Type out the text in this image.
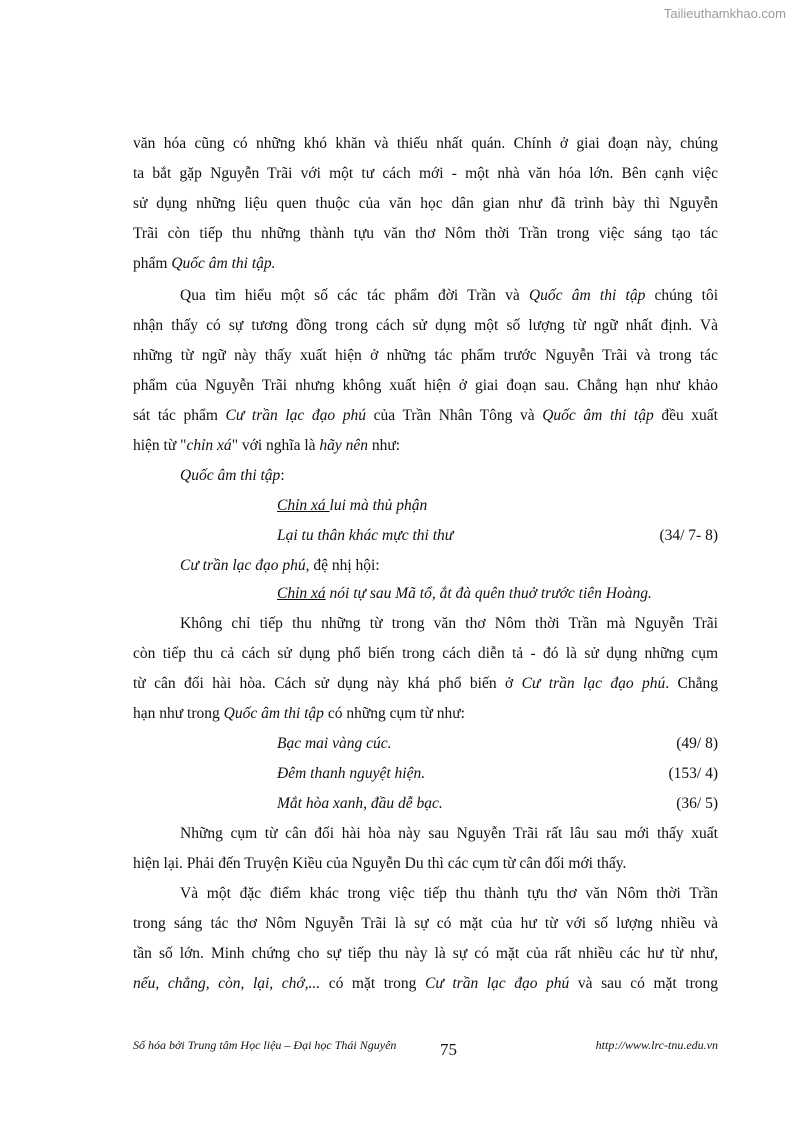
Tailieuthamkhao.com
văn hóa cũng có những khó khăn và thiếu nhất quán. Chính ở giai đoạn này, chúng
ta bắt gặp Nguyễn Trãi với một tư cách mới - một nhà văn hóa lớn. Bên cạnh việc
sử dụng những liệu quen thuộc của văn học dân gian như đã trình bày thì Nguyễn
Trãi còn tiếp thu những thành tựu văn thơ Nôm thời Trần trong việc sáng tạo tác
phẩm Quốc âm thi tập.
Qua tìm hiểu một số các tác phẩm đời Trần và Quốc âm thi tập chúng tôi
nhận thấy có sự tương đồng trong cách sử dụng một số lượng từ ngữ nhất định. Và
những từ ngữ này thấy xuất hiện ở những tác phẩm trước Nguyễn Trãi và trong tác
phẩm của Nguyễn Trãi nhưng không xuất hiện ở giai đoạn sau. Chẳng hạn như khảo
sát tác phẩm Cư trần lạc đạo phú của Trần Nhân Tông và Quốc âm thi tập đều xuất
hiện từ "chỉn xá" với nghĩa là hãy nên như:
Quốc âm thi tập:
Chỉn xá lui mà thủ phận
Lại tu thân khác mực thi thư	(34/ 7- 8)
Cư trần lạc đạo phú, đệ nhị hội:
Chỉn xá nói tự sau Mã tổ, ắt đà quên thuở trước tiên Hoàng.
Không chỉ tiếp thu những từ trong văn thơ Nôm thời Trần mà Nguyễn Trãi
còn tiếp thu cả cách sử dụng phổ biến trong cách diễn tả - đó là sử dụng những cụm
từ cân đối hài hòa. Cách sử dụng này khá phổ biến ở Cư trần lạc đạo phú. Chẳng
hạn như trong Quốc âm thi tập có những cụm từ như:
Bạc mai vàng cúc.	(49/ 8)
Đêm thanh nguyệt hiện.	(153/ 4)
Mắt hòa xanh, đầu dễ bạc.	(36/ 5)
Những cụm từ cân đối hài hòa này sau Nguyễn Trãi rất lâu sau mới thấy xuất
hiện lại. Phải đến Truyện Kiều của Nguyễn Du thì các cụm từ cân đối mới thấy.
Và một đặc điểm khác trong việc tiếp thu thành tựu thơ văn Nôm thời Trần
trong sáng tác thơ Nôm Nguyễn Trãi là sự có mặt của hư từ với số lượng nhiều và
tần số lớn. Minh chứng cho sự tiếp thu này là sự có mặt của rất nhiều các hư từ như,
nếu, chẳng, còn, lại, chớ,... có mặt trong Cư trần lạc đạo phú và sau có mặt trong
Số hóa bởi Trung tâm Học liệu – Đại học Thái Nguyên	75	http://www.lrc-tnu.edu.vn
